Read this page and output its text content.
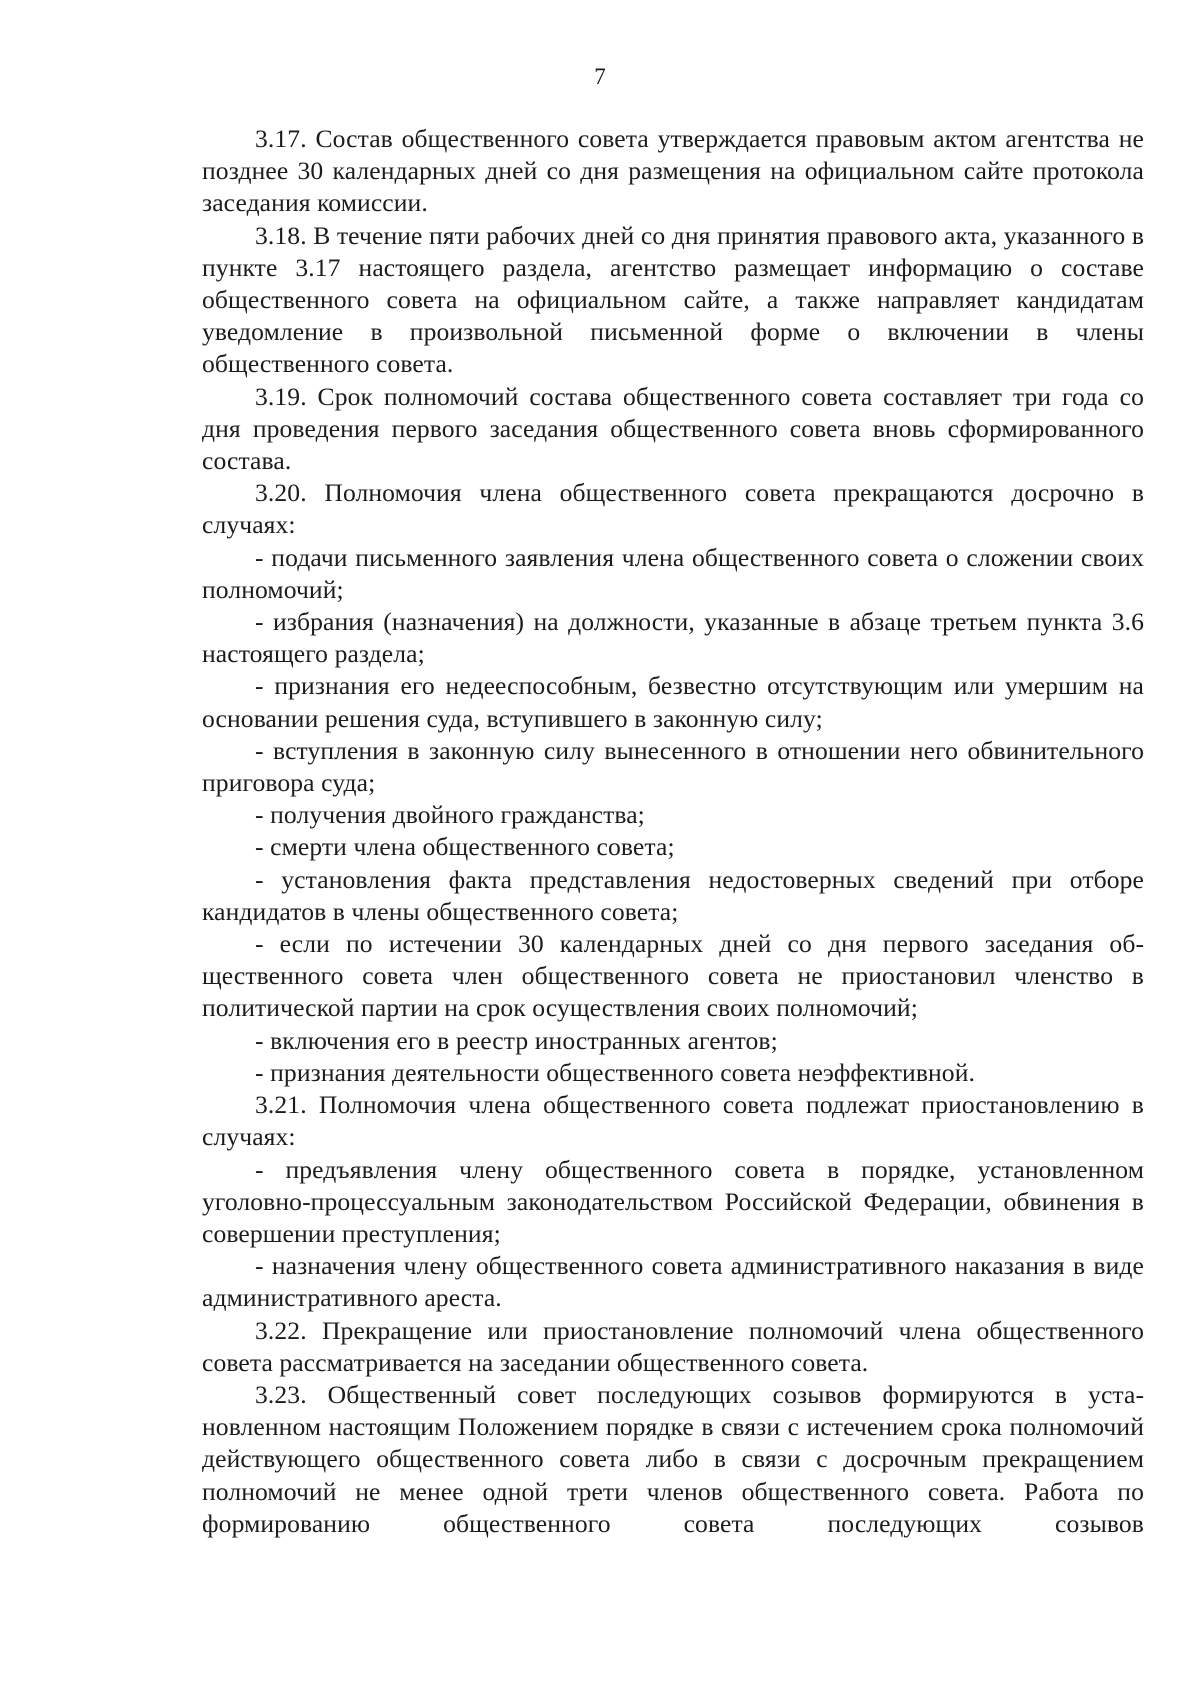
7

3.17. Состав общественного совета утверждается правовым актом агентства не позднее 30 календарных дней со дня размещения на официальном сайте протокола заседания комиссии.

3.18. В течение пяти рабочих дней со дня принятия правового акта, указанного в пункте 3.17 настоящего раздела, агентство размещает информацию о составе общественного совета на официальном сайте, а также направляет кандидатам уведомление в произвольной письменной форме о включении в члены общественного совета.

3.19. Срок полномочий состава общественного совета составляет три года со дня проведения первого заседания общественного совета вновь сформированного состава.

3.20. Полномочия члена общественного совета прекращаются досрочно в случаях:

- подачи письменного заявления члена общественного совета о сложении своих полномочий;

- избрания (назначения) на должности, указанные в абзаце третьем пункта 3.6 настоящего раздела;

- признания его недееспособным, безвестно отсутствующим или умершим на основании решения суда, вступившего в законную силу;

- вступления в законную силу вынесенного в отношении него обвинительного приговора суда;

- получения двойного гражданства;

- смерти члена общественного совета;

- установления факта представления недостоверных сведений при отборе кандидатов в члены общественного совета;

- если по истечении 30 календарных дней со дня первого заседания общественного совета член общественного совета не приостановил членство в политической партии на срок осуществления своих полномочий;

- включения его в реестр иностранных агентов;

- признания деятельности общественного совета неэффективной.

3.21. Полномочия члена общественного совета подлежат приостановлению в случаях:

- предъявления члену общественного совета в порядке, установленном уголовно-процессуальным законодательством Российской Федерации, обвинения в совершении преступления;

- назначения члену общественного совета административного наказания в виде административного ареста.

3.22. Прекращение или приостановление полномочий члена общественного совета рассматривается на заседании общественного совета.

3.23. Общественный совет последующих созывов формируются в установленном настоящим Положением порядке в связи с истечением срока полномочий действующего общественного совета либо в связи с досрочным прекращением полномочий не менее одной трети членов общественного совета. Работа по формированию общественного совета последующих созывов
